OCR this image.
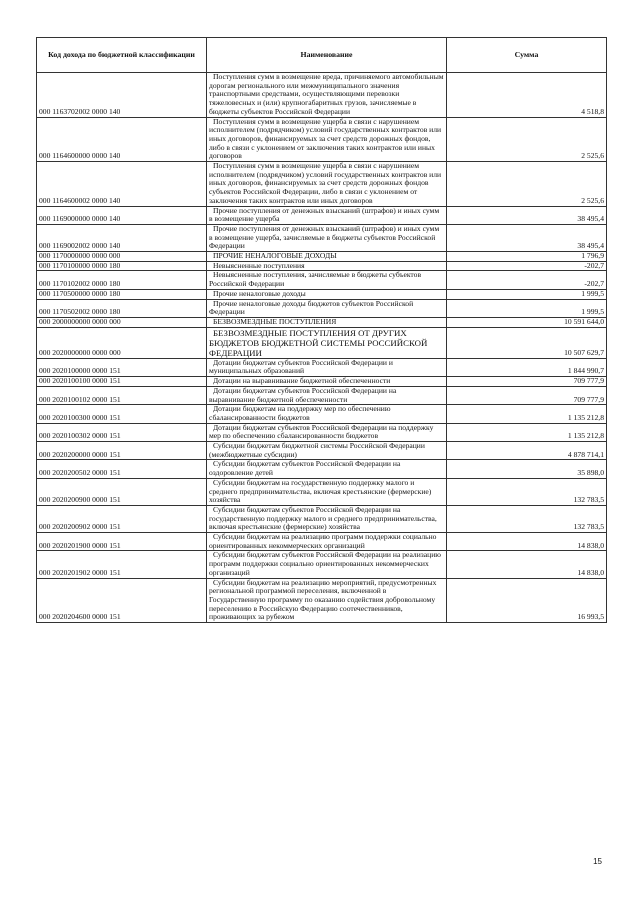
Код дохода по бюджетной классификации	Наименование	Сумма
000 1163702002 0000 140	Поступления сумм в возмещение вреда, причиняемого автомобильным дорогам регионального или межмуниципального значения транспортными средствами, осуществляющими перевозки тяжеловесных и (или) крупногабаритных грузов, зачисляемые в бюджеты субъектов Российской Федерации	4 518,8
000 1164600000 0000 140	Поступления сумм в возмещение ущерба в связи с нарушением исполнителем (подрядчиком) условий государственных контрактов или иных договоров, финансируемых за счет средств дорожных фондов, либо в связи с уклонением от заключения таких контрактов или иных договоров	2 525,6
000 1164600002 0000 140	Поступления сумм в возмещение ущерба в связи с нарушением исполнителем (подрядчиком) условий государственных контрактов или иных договоров, финансируемых за счет средств дорожных фондов субъектов Российской Федерации, либо в связи с уклонением от заключения таких контрактов или иных договоров	2 525,6
000 1169000000 0000 140	Прочие поступления от денежных взысканий (штрафов) и иных сумм в возмещение ущерба	38 495,4
000 1169002002 0000 140	Прочие поступления от денежных взысканий (штрафов) и иных сумм в возмещение ущерба, зачисляемые в бюджеты субъектов Российской Федерации	38 495,4
000 1170000000 0000 000	ПРОЧИЕ НЕНАЛОГОВЫЕ ДОХОДЫ	1 796,9
000 1170100000 0000 180	Невыясненные поступления	-202,7
000 1170102002 0000 180	Невыясненные поступления, зачисляемые в бюджеты субъектов Российской Федерации	-202,7
000 1170500000 0000 180	Прочие неналоговые доходы	1 999,5
000 1170502002 0000 180	Прочие неналоговые доходы бюджетов субъектов Российской Федерации	1 999,5
000 2000000000 0000 000	БЕЗВОЗМЕЗДНЫЕ ПОСТУПЛЕНИЯ	10 591 644,0
000 2020000000 0000 000	БЕЗВОЗМЕЗДНЫЕ ПОСТУПЛЕНИЯ ОТ ДРУГИХ БЮДЖЕТОВ БЮДЖЕТНОЙ СИСТЕМЫ РОССИЙСКОЙ ФЕДЕРАЦИИ	10 507 629,7
000 2020100000 0000 151	Дотации бюджетам субъектов Российской Федерации и муниципальных образований	1 844 990,7
000 2020100100 0000 151	Дотации на выравнивание бюджетной обеспеченности	709 777,9
000 2020100102 0000 151	Дотации бюджетам субъектов Российской Федерации на выравнивание бюджетной обеспеченности	709 777,9
000 2020100300 0000 151	Дотации бюджетам на поддержку мер по обеспечению сбалансированности бюджетов	1 135 212,8
000 2020100302 0000 151	Дотации бюджетам субъектов Российской Федерации на поддержку мер по обеспечению сбалансированности бюджетов	1 135 212,8
000 2020200000 0000 151	Субсидии бюджетам бюджетной системы Российской Федерации (межбюджетные субсидии)	4 878 714,1
000 2020200502 0000 151	Субсидии бюджетам субъектов Российской Федерации на оздоровление детей	35 898,0
000 2020200900 0000 151	Субсидии бюджетам на государственную поддержку малого и среднего предпринимательства, включая крестьянские (фермерские) хозяйства	132 783,5
000 2020200902 0000 151	Субсидии бюджетам субъектов Российской Федерации на государственную поддержку малого и среднего предпринимательства, включая крестьянские (фермерские) хозяйства	132 783,5
000 2020201900 0000 151	Субсидии бюджетам на реализацию программ поддержки социально ориентированных некоммерческих организаций	14 838,0
000 2020201902 0000 151	Субсидии бюджетам субъектов Российской Федерации на реализацию программ поддержки социально ориентированных некоммерческих организаций	14 838,0
000 2020204600 0000 151	Субсидии бюджетам на реализацию мероприятий, предусмотренных региональной программой переселения, включенной в Государственную программу по оказанию содействия добровольному переселению в Российскую Федерацию соотечественников, проживающих за рубежом	16 993,5
15
